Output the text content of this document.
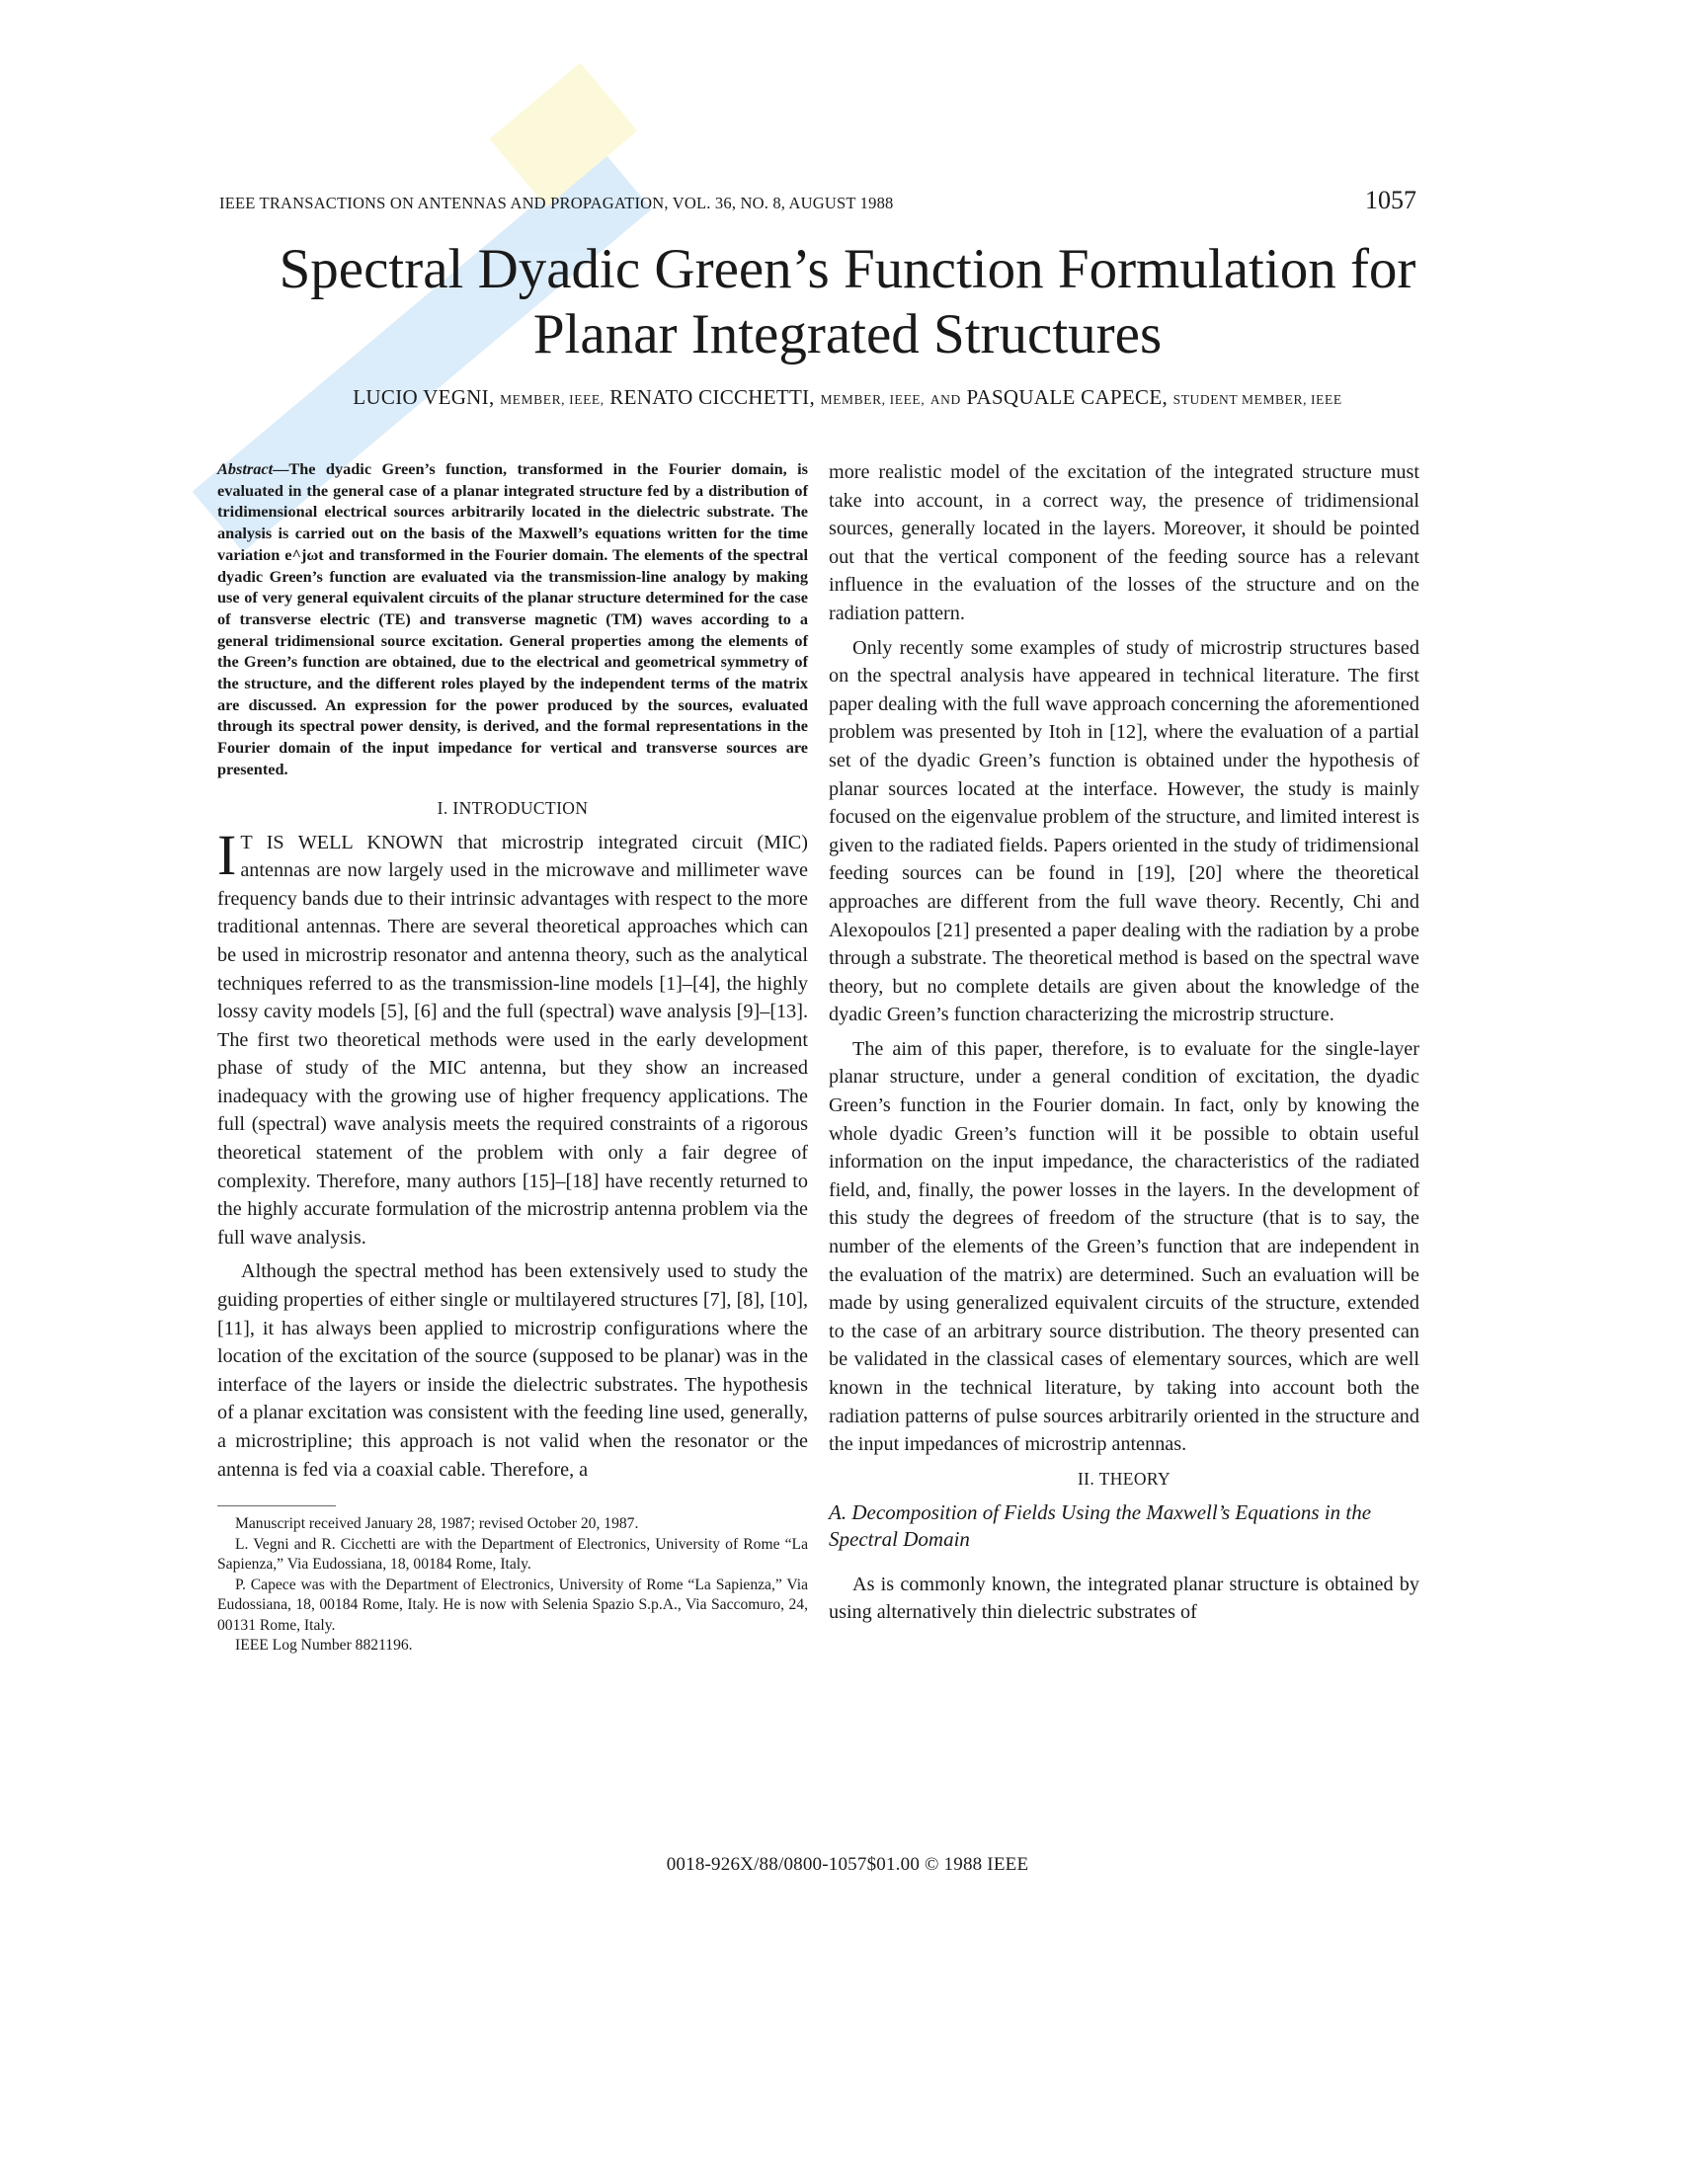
IEEE TRANSACTIONS ON ANTENNAS AND PROPAGATION, VOL. 36, NO. 8, AUGUST 1988	1057
Spectral Dyadic Green’s Function Formulation for
Planar Integrated Structures
LUCIO VEGNI, MEMBER, IEEE, RENATO CICCHETTI, MEMBER, IEEE, AND PASQUALE CAPECE, STUDENT MEMBER, IEEE

Abstract—The dyadic Green’s function, transformed in the Fourier domain, is evaluated in the general case of a planar integrated structure fed by a distribution of tridimensional electrical sources arbitrarily located in the dielectric substrate. The analysis is carried out on the basis of the Maxwell’s equations written for the time variation e^jωt and transformed in the Fourier domain. The elements of the spectral dyadic Green’s function are evaluated via the transmission-line analogy by making use of very general equivalent circuits of the planar structure determined for the case of transverse electric (TE) and transverse magnetic (TM) waves according to a general tridimensional source excitation. General properties among the elements of the Green’s function are obtained, due to the electrical and geometrical symmetry of the structure, and the different roles played by the independent terms of the matrix are discussed. An expression for the power produced by the sources, evaluated through its spectral power density, is derived, and the formal representations in the Fourier domain of the input impedance for vertical and transverse sources are presented.

I. INTRODUCTION

I T IS WELL KNOWN that microstrip integrated circuit (MIC) antennas are now largely used in the microwave and millimeter wave frequency bands due to their intrinsic advantages with respect to the more traditional antennas. There are several theoretical approaches which can be used in microstrip resonator and antenna theory, such as the analytical techniques referred to as the transmission-line models [1]–[4], the highly lossy cavity models [5], [6] and the full (spectral) wave analysis [9]–[13]. The first two theoretical methods were used in the early development phase of study of the MIC antenna, but they show an increased inadequacy with the growing use of higher frequency applications. The full (spectral) wave analysis meets the required constraints of a rigorous theoretical statement of the problem with only a fair degree of complexity. Therefore, many authors [15]–[18] have recently returned to the highly accurate formulation of the microstrip antenna problem via the full wave analysis.

Although the spectral method has been extensively used to study the guiding properties of either single or multilayered structures [7], [8], [10], [11], it has always been applied to microstrip configurations where the location of the excitation of the source (supposed to be planar) was in the interface of the layers or inside the dielectric substrates. The hypothesis of a planar excitation was consistent with the feeding line used, generally, a microstripline; this approach is not valid when the resonator or the antenna is fed via a coaxial cable. Therefore, a

Manuscript received January 28, 1987; revised October 20, 1987.

L. Vegni and R. Cicchetti are with the Department of Electronics, University of Rome “La Sapienza,” Via Eudossiana, 18, 00184 Rome, Italy.

P. Capece was with the Department of Electronics, University of Rome “La Sapienza,” Via Eudossiana, 18, 00184 Rome, Italy. He is now with Selenia Spazio S.p.A., Via Saccomuro, 24, 00131 Rome, Italy.

IEEE Log Number 8821196.

more realistic model of the excitation of the integrated structure must take into account, in a correct way, the presence of tridimensional sources, generally located in the layers. Moreover, it should be pointed out that the vertical component of the feeding source has a relevant influence in the evaluation of the losses of the structure and on the radiation pattern.

Only recently some examples of study of microstrip structures based on the spectral analysis have appeared in technical literature. The first paper dealing with the full wave approach concerning the aforementioned problem was presented by Itoh in [12], where the evaluation of a partial set of the dyadic Green’s function is obtained under the hypothesis of planar sources located at the interface. However, the study is mainly focused on the eigenvalue problem of the structure, and limited interest is given to the radiated fields. Papers oriented in the study of tridimensional feeding sources can be found in [19], [20] where the theoretical approaches are different from the full wave theory. Recently, Chi and Alexopoulos [21] presented a paper dealing with the radiation by a probe through a substrate. The theoretical method is based on the spectral wave theory, but no complete details are given about the knowledge of the dyadic Green’s function characterizing the microstrip structure.

The aim of this paper, therefore, is to evaluate for the single-layer planar structure, under a general condition of excitation, the dyadic Green’s function in the Fourier domain. In fact, only by knowing the whole dyadic Green’s function will it be possible to obtain useful information on the input impedance, the characteristics of the radiated field, and, finally, the power losses in the layers. In the development of this study the degrees of freedom of the structure (that is to say, the number of the elements of the Green’s function that are independent in the evaluation of the matrix) are determined. Such an evaluation will be made by using generalized equivalent circuits of the structure, extended to the case of an arbitrary source distribution. The theory presented can be validated in the classical cases of elementary sources, which are well known in the technical literature, by taking into account both the radiation patterns of pulse sources arbitrarily oriented in the structure and the input impedances of microstrip antennas.

II. THEORY
A. Decomposition of Fields Using the Maxwell’s Equations in the Spectral Domain

As is commonly known, the integrated planar structure is obtained by using alternatively thin dielectric substrates of

0018-926X/88/0800-1057$01.00 © 1988 IEEE
